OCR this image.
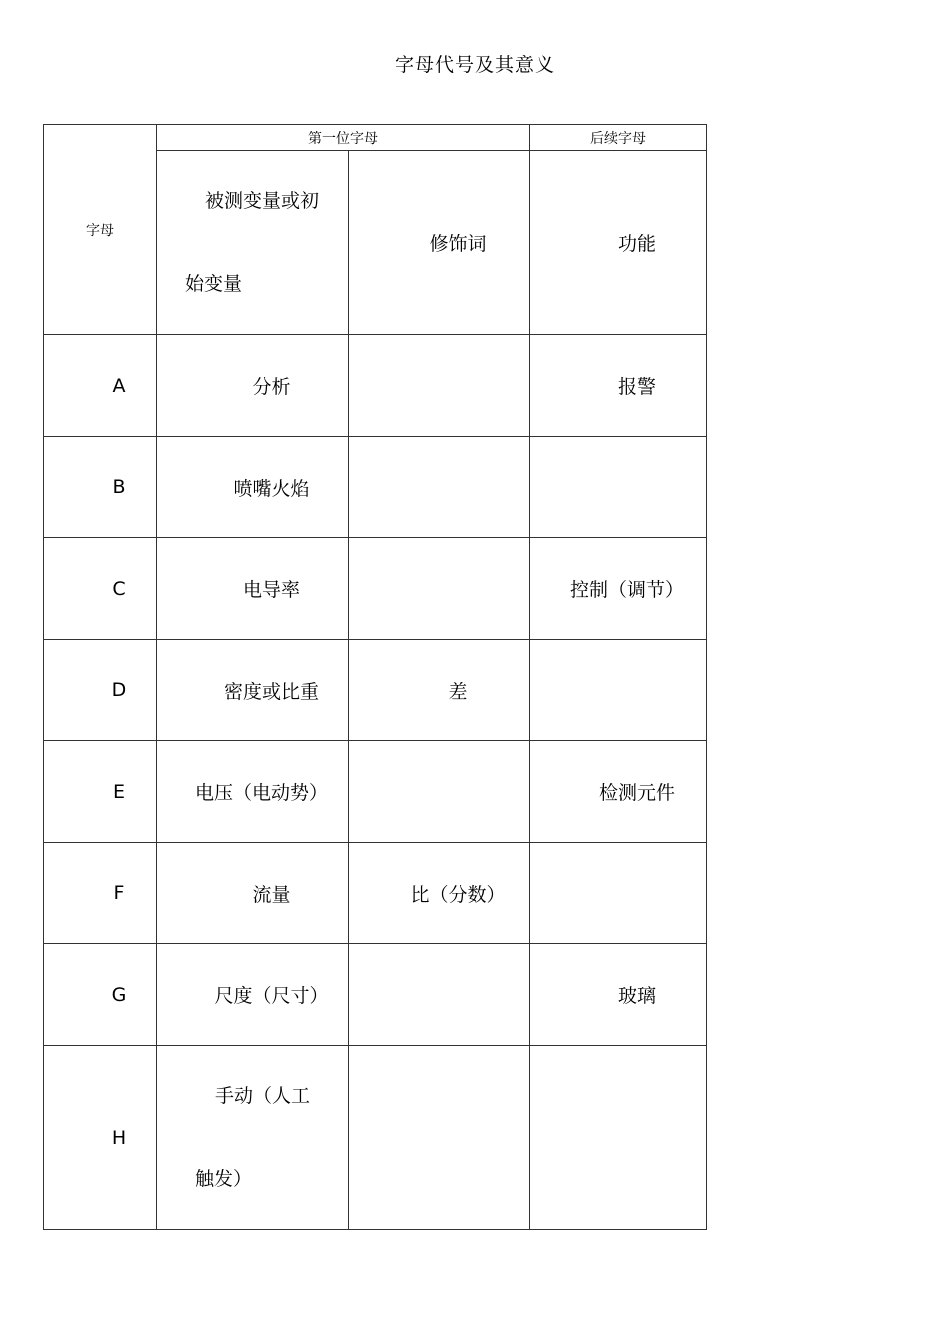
字母代号及其意义
字母	第一位字母		后续字母

	被测变量或初始变量	修饰词	功能
A	分析		报警
B	喷嘴火焰		
C	电导率		控制（调节）
D	密度或比重	差	
E	电压（电动势）		检测元件
F	流量	比（分数）	
G	尺度（尺寸）		玻璃
H	手动（人工触发）		
